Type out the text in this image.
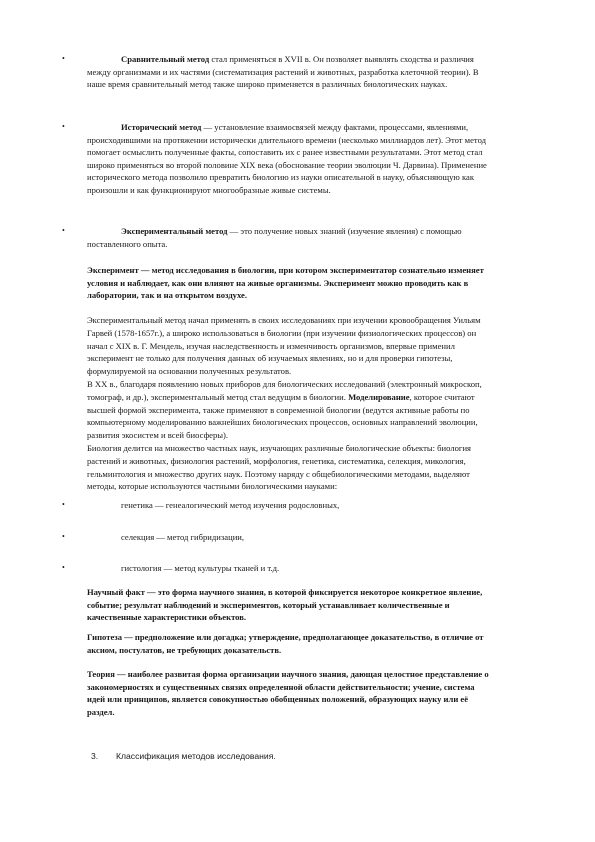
•	Сравнительный метод стал применяться в XVII в. Он позволяет выявлять сходства и различия
между организмами и их частями (систематизация растений и животных, разработка клеточной теории). В
наше время сравнительный метод также широко применяется в различных биологических науках.
•	Исторический метод — установление взаимосвязей между фактами, процессами, явлениями,
происходившими на протяжении исторически длительного времени (несколько миллиардов лет). Этот метод
помогает осмыслить полученные факты, сопоставить их с ранее известными результатами. Этот метод стал
широко применяться во второй половине XIX века (обоснование теории эволюции Ч. Дарвина). Применение
исторического метода позволило превратить биологию из науки описательной в науку, объясняющую как
произошли и как функционируют многообразные живые системы.
•	Экспериментальный метод — это получение новых знаний (изучение явления) с помощью
поставленного опыта.
Эксперимент — метод исследования в биологии, при котором экспериментатор сознательно изменяет
условия и наблюдает, как они влияют на живые организмы. Эксперимент можно проводить как в
лаборатории, так и на открытом воздухе.
Экспериментальный метод начал применять в своих исследованиях при изучении кровообращения Уильям
Гарвей (1578-1657г.), а широко использоваться в биологии (при изучении физиологических процессов) он
начал с XIX в. Г. Мендель, изучая наследственность и изменчивость организмов, впервые применил
эксперимент не только для получения данных об изучаемых явлениях, но и для проверки гипотезы,
формулируемой на основании полученных результатов.
В XX в., благодаря появлению новых приборов для биологических исследований (электронный микроскоп,
томограф, и др.), экспериментальный метод стал ведущим в биологии. Моделирование, которое считают
высшей формой эксперимента, также применяют в современной биологии (ведутся активные работы по
компьютерному моделированию важнейших биологических процессов, основных направлений эволюции,
развития экосистем и всей биосферы).
Биология делится на множество частных наук, изучающих различные биологические объекты: биология
растений и животных, физиология растений, морфология, генетика, систематика, селекция, микология,
гельминтология и множество других наук. Поэтому наряду с общебиологическими методами, выделяют
методы, которые используются частными биологическими науками:
•	генетика — генеалогический метод изучения родословных,
•	селекция — метод гибридизации,
•	гистология — метод культуры тканей и т.д.
Научный факт — это форма научного знания, в которой фиксируется некоторое конкретное явление,
событие; результат наблюдений и экспериментов, который устанавливает количественные и
качественные характеристики объектов.
Гипотеза — предположение или догадка; утверждение, предполагающее доказательство, в отличие от
аксиом, постулатов, не требующих доказательств.
Теория — наиболее развитая форма организации научного знания, дающая целостное представление о
закономерностях и существенных связях определенной области действительности; учение, система
идей или принципов, является совокупностью обобщенных положений, образующих науку или её
раздел.
3. Классификация методов исследования.
